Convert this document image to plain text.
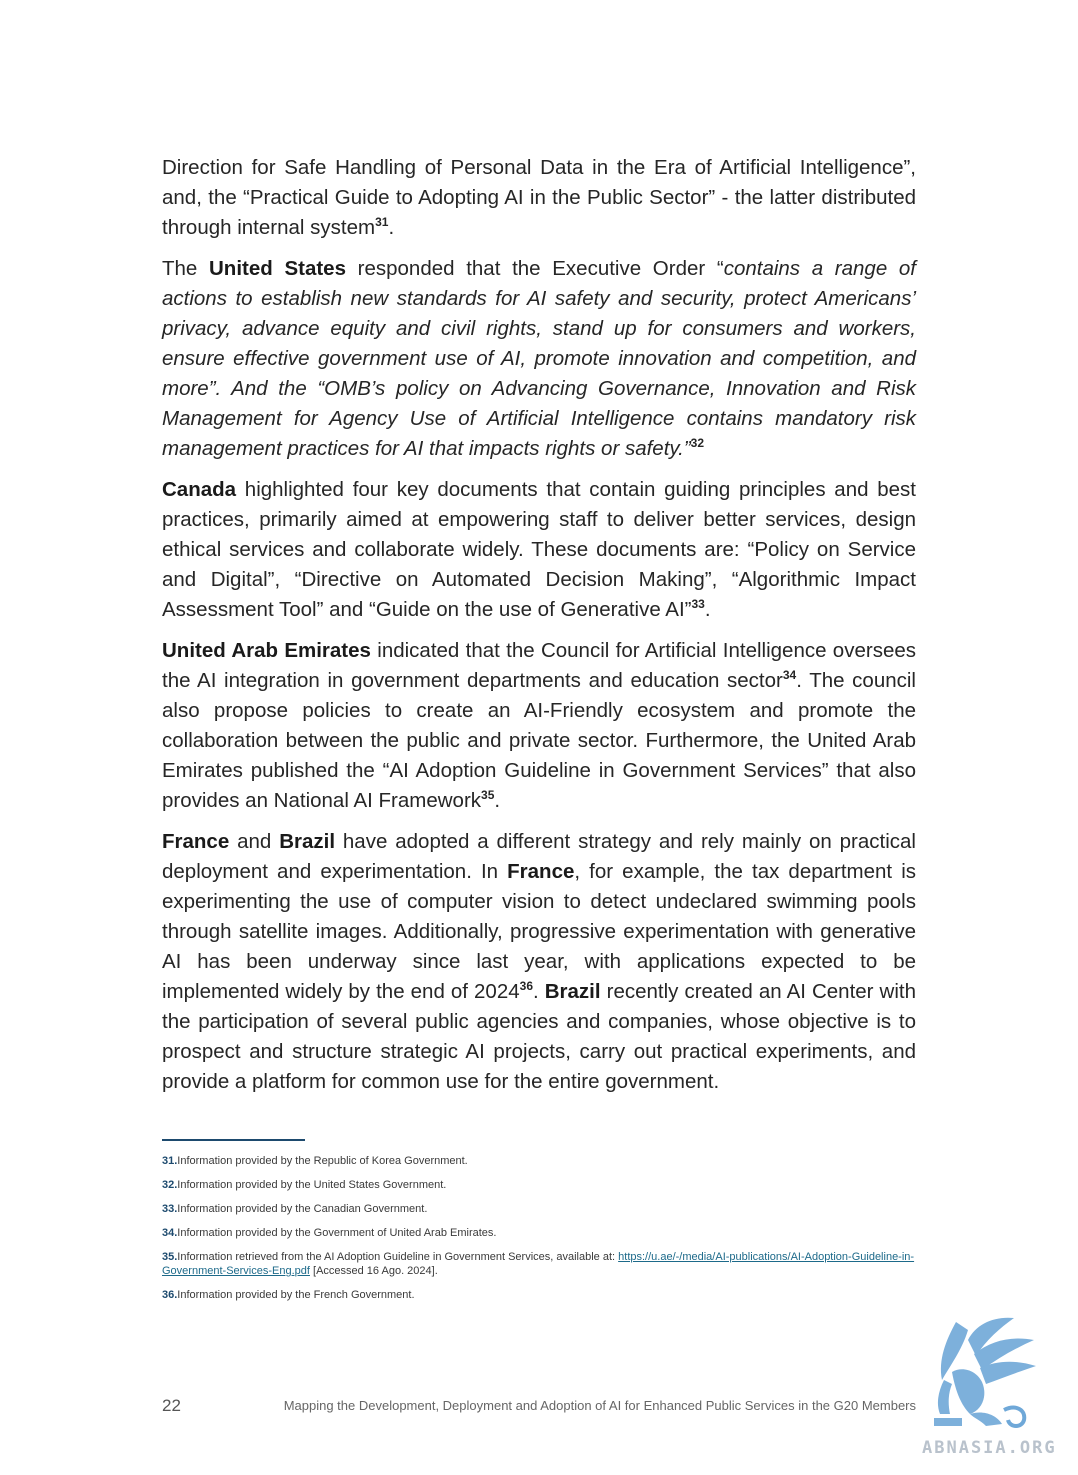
Direction for Safe Handling of Personal Data in the Era of Artificial Intelligence”, and, the “Practical Guide to Adopting AI in the Public Sector” - the latter distributed through internal system$^{31}$.

The United States responded that the Executive Order “contains a range of actions to establish new standards for AI safety and security, protect Americans’ privacy, advance equity and civil rights, stand up for consumers and workers, ensure effective government use of AI, promote innovation and competition, and more”. And the “OMB’s policy on Advancing Governance, Innovation and Risk Management for Agency Use of Artificial Intelligence contains mandatory risk management practices for AI that impacts rights or safety.”$^{32}$

Canada highlighted four key documents that contain guiding principles and best practices, primarily aimed at empowering staff to deliver better services, design ethical services and collaborate widely. These documents are: “Policy on Service and Digital”, “Directive on Automated Decision Making”, “Algorithmic Impact Assessment Tool” and “Guide on the use of Generative AI”$^{33}$.

United Arab Emirates indicated that the Council for Artificial Intelligence oversees the AI integration in government departments and education sector$^{34}$. The council also propose policies to create an AI-Friendly ecosystem and promote the collaboration between the public and private sector. Furthermore, the United Arab Emirates published the “AI Adoption Guideline in Government Services” that also provides an National AI Framework$^{35}$.

France and Brazil have adopted a different strategy and rely mainly on practical deployment and experimentation. In France, for example, the tax department is experimenting the use of computer vision to detect undeclared swimming pools through satellite images. Additionally, progressive experimentation with generative AI has been underway since last year, with applications expected to be implemented widely by the end of 2024$^{36}$. Brazil recently created an AI Center with the participation of several public agencies and companies, whose objective is to prospect and structure strategic AI projects, carry out practical experiments, and provide a platform for common use for the entire government.

31.Information provided by the Republic of Korea Government.

32.Information provided by the United States Government.

33.Information provided by the Canadian Government.

34.Information provided by the Government of United Arab Emirates.

35.Information retrieved from the AI Adoption Guideline in Government Services, available at: https://u.ae/-/media/AI-publications/AI-Adoption-Guideline-in-Government-Services-Eng.pdf [Accessed 16 Ago. 2024].

36.Information provided by the French Government.

22	Mapping the Development, Deployment and Adoption of AI for Enhanced Public Services in the G20 Members
ABNASIA.ORG
